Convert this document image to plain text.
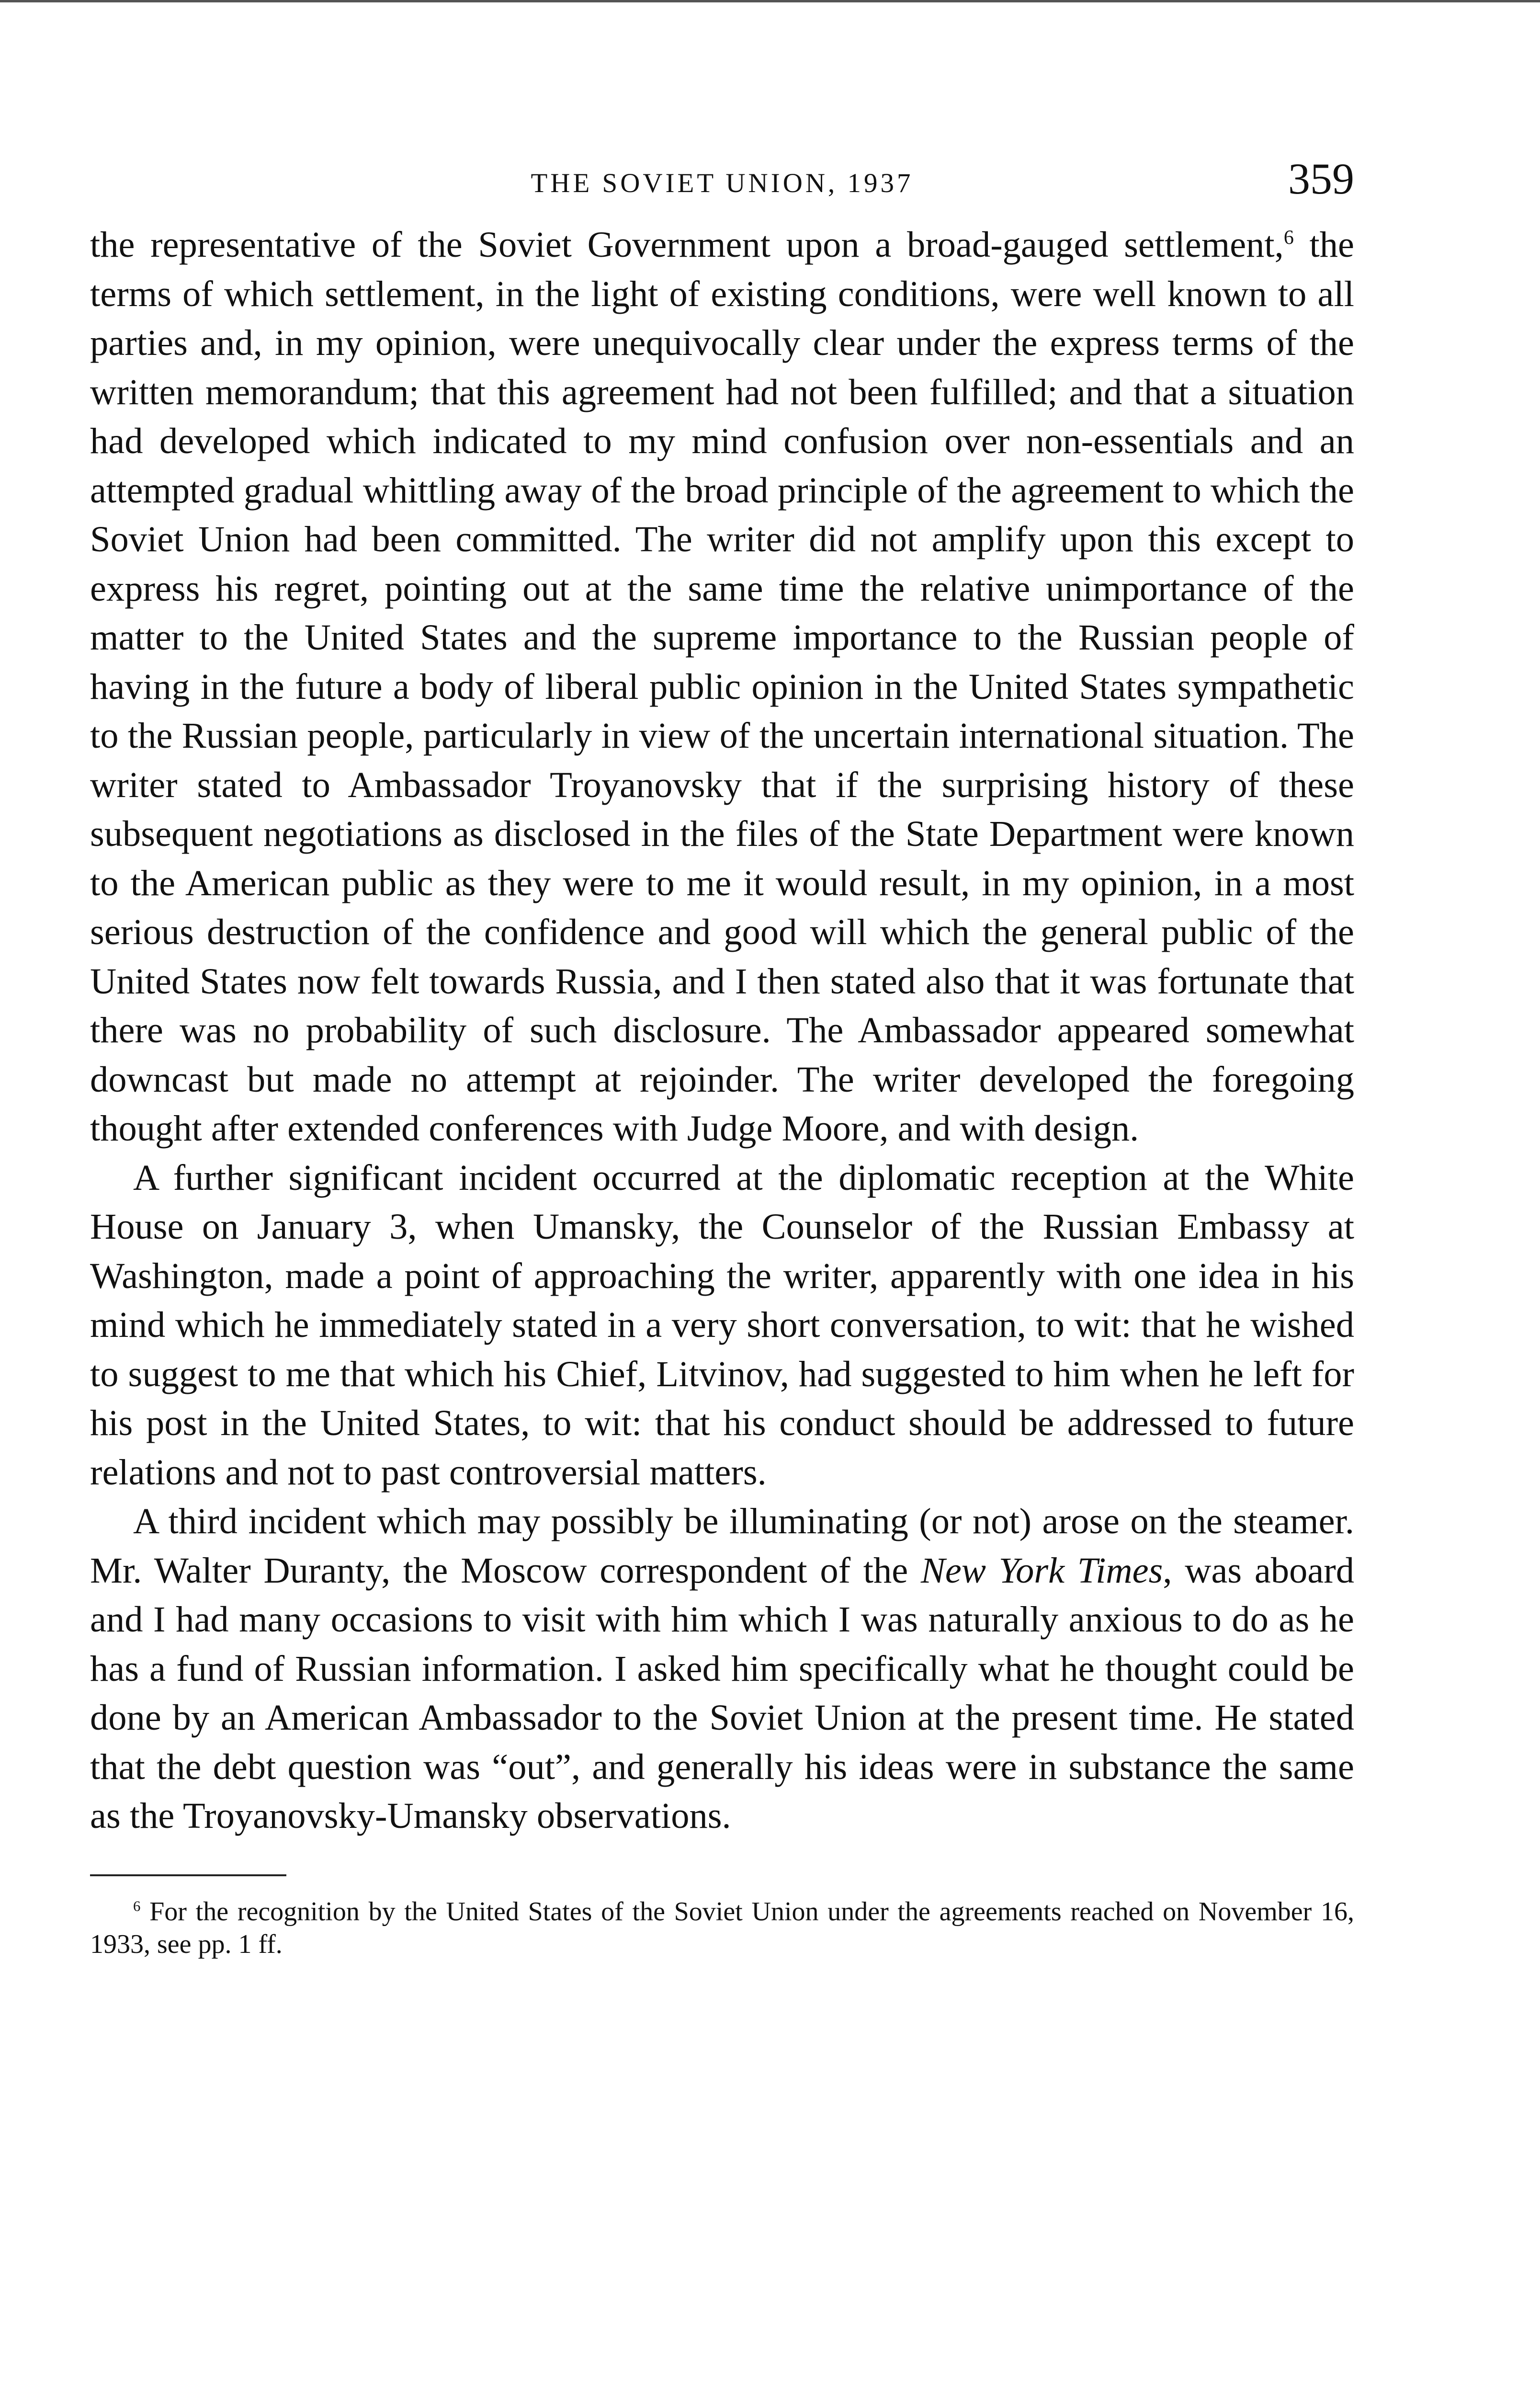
THE SOVIET UNION, 1937	359

the representative of the Soviet Government upon a broad-gauged settlement,$^6$ the terms of which settlement, in the light of existing conditions, were well known to all parties and, in my opinion, were unequivocally clear under the express terms of the written memorandum; that this agreement had not been fulfilled; and that a situation had developed which indicated to my mind confusion over non-essentials and an attempted gradual whittling away of the broad principle of the agreement to which the Soviet Union had been committed. The writer did not amplify upon this except to express his regret, pointing out at the same time the relative unimportance of the matter to the United States and the supreme importance to the Russian people of having in the future a body of liberal public opinion in the United States sympathetic to the Russian people, particularly in view of the uncertain international situation. The writer stated to Ambassador Troyanovsky that if the surprising history of these subsequent negotiations as disclosed in the files of the State Department were known to the American public as they were to me it would result, in my opinion, in a most serious destruction of the confidence and good will which the general public of the United States now felt towards Russia, and I then stated also that it was fortunate that there was no probability of such disclosure. The Ambassador appeared somewhat downcast but made no attempt at rejoinder. The writer developed the foregoing thought after extended conferences with Judge Moore, and with design.

A further significant incident occurred at the diplomatic reception at the White House on January 3, when Umansky, the Counselor of the Russian Embassy at Washington, made a point of approaching the writer, apparently with one idea in his mind which he immediately stated in a very short conversation, to wit: that he wished to suggest to me that which his Chief, Litvinov, had suggested to him when he left for his post in the United States, to wit: that his conduct should be addressed to future relations and not to past controversial matters.

A third incident which may possibly be illuminating (or not) arose on the steamer. Mr. Walter Duranty, the Moscow correspondent of the New York Times, was aboard and I had many occasions to visit with him which I was naturally anxious to do as he has a fund of Russian information. I asked him specifically what he thought could be done by an American Ambassador to the Soviet Union at the present time. He stated that the debt question was “out”, and generally his ideas were in substance the same as the Troyanovsky-Umansky observations.

$^6$ For the recognition by the United States of the Soviet Union under the agreements reached on November 16, 1933, see pp. 1 ff.
